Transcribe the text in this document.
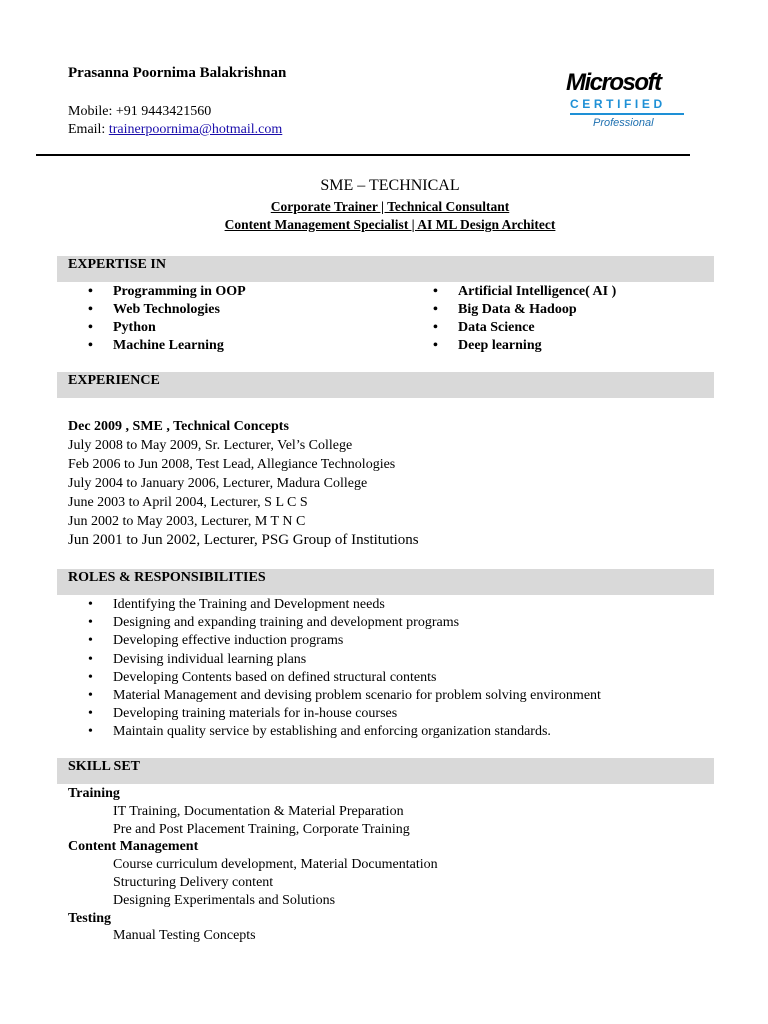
Prasanna Poornima Balakrishnan
Mobile: +91 9443421560
Email: trainerpoornima@hotmail.com
Microsoft
CERTIFIED
Professional
SME – TECHNICAL
Corporate Trainer | Technical Consultant
Content Management Specialist | AI ML Design Architect
EXPERTISE IN
• Programming in OOP
• Web Technologies
• Python
• Machine Learning
• Artificial Intelligence( AI )
• Big Data & Hadoop
• Data Science
• Deep learning
EXPERIENCE
Dec 2009 , SME , Technical Concepts
July 2008 to May 2009, Sr. Lecturer, Vel’s College
Feb 2006 to Jun 2008, Test Lead, Allegiance Technologies
July 2004 to January 2006, Lecturer, Madura College
June 2003 to April 2004, Lecturer, S L C S
Jun 2002 to May 2003, Lecturer, M T N C
Jun 2001 to Jun 2002, Lecturer, PSG Group of Institutions
ROLES & RESPONSIBILITIES
• Identifying the Training and Development needs
• Designing and expanding training and development programs
• Developing effective induction programs
• Devising individual learning plans
• Developing Contents based on defined structural contents
• Material Management and devising problem scenario for problem solving environment
• Developing training materials for in-house courses
• Maintain quality service by establishing and enforcing organization standards.
SKILL SET
Training
IT Training, Documentation & Material Preparation
Pre and Post Placement Training, Corporate Training
Content Management
Course curriculum development, Material Documentation
Structuring Delivery content
Designing Experimentals and Solutions
Testing
Manual Testing Concepts
